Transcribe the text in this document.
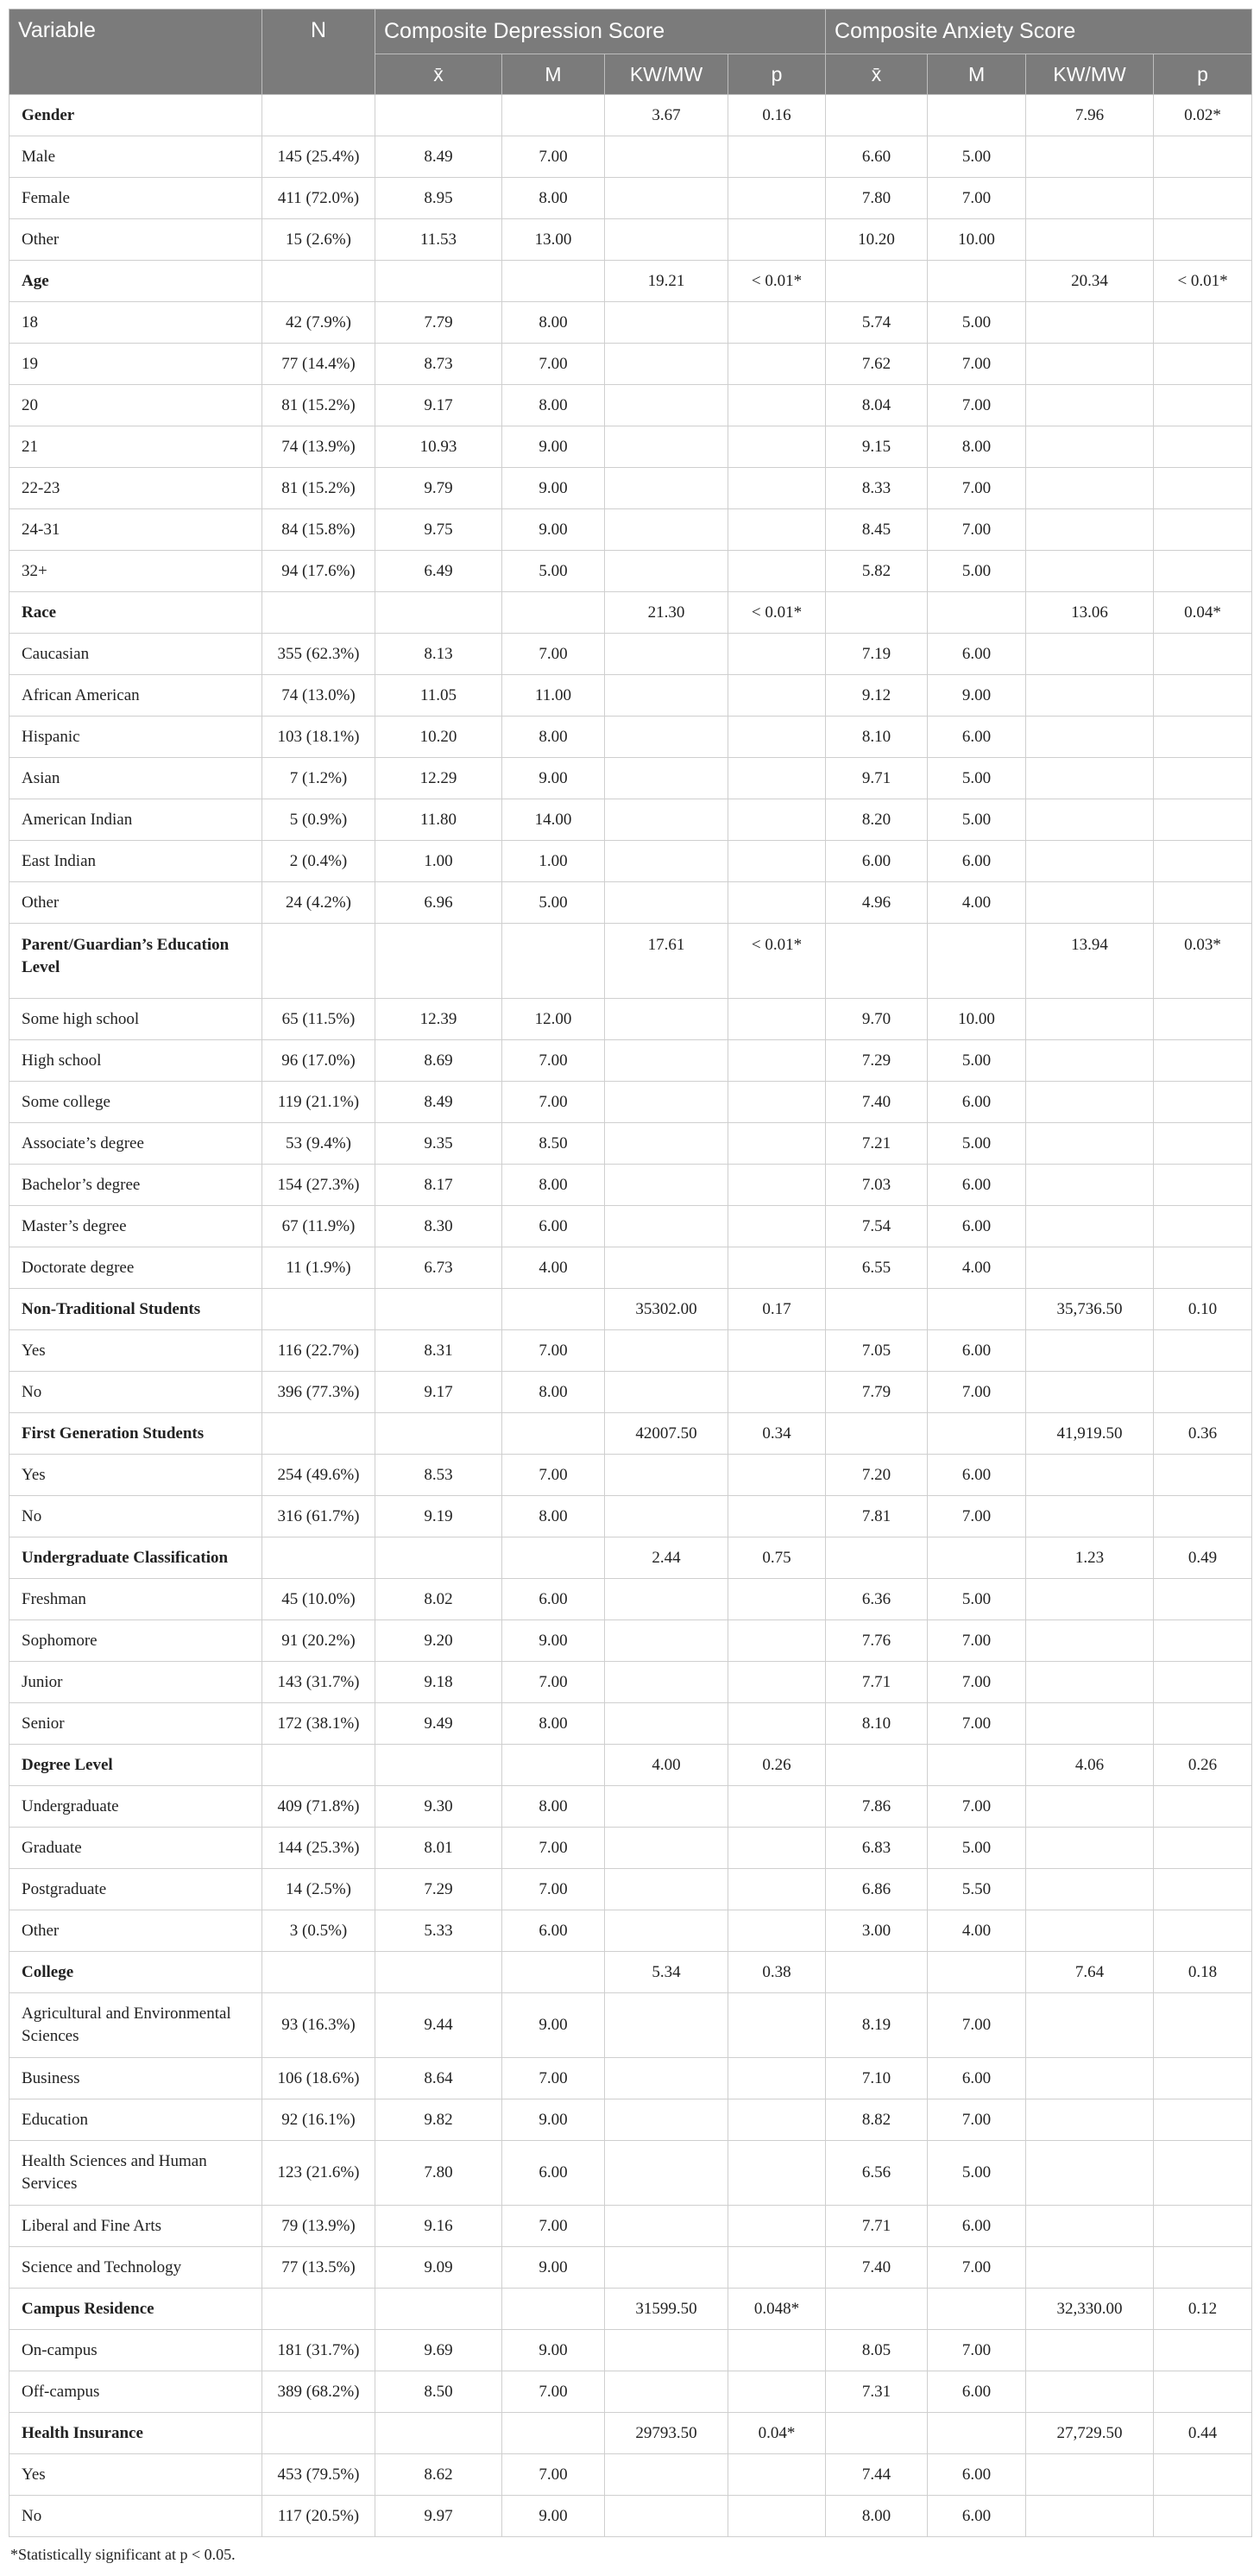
Variable	N	Composite Depression Score				Composite Anxiety Score			
		x̄	M	KW/MW	p	x̄	M	KW/MW	p
Gender				3.67	0.16			7.96	0.02*
Male	145 (25.4%)	8.49	7.00			6.60	5.00		
Female	411 (72.0%)	8.95	8.00			7.80	7.00		
Other	15 (2.6%)	11.53	13.00			10.20	10.00		
Age				19.21	< 0.01*			20.34	< 0.01*
18	42 (7.9%)	7.79	8.00			5.74	5.00		
19	77 (14.4%)	8.73	7.00			7.62	7.00		
20	81 (15.2%)	9.17	8.00			8.04	7.00		
21	74 (13.9%)	10.93	9.00			9.15	8.00		
22-23	81 (15.2%)	9.79	9.00			8.33	7.00		
24-31	84 (15.8%)	9.75	9.00			8.45	7.00		
32+	94 (17.6%)	6.49	5.00			5.82	5.00		
Race				21.30	< 0.01*			13.06	0.04*
Caucasian	355 (62.3%)	8.13	7.00			7.19	6.00		
African American	74 (13.0%)	11.05	11.00			9.12	9.00		
Hispanic	103 (18.1%)	10.20	8.00			8.10	6.00		
Asian	7 (1.2%)	12.29	9.00			9.71	5.00		
American Indian	5 (0.9%)	11.80	14.00			8.20	5.00		
East Indian	2 (0.4%)	1.00	1.00			6.00	6.00		
Other	24 (4.2%)	6.96	5.00			4.96	4.00		
Parent/Guardian’s Education Level				17.61	< 0.01*			13.94	0.03*
Some high school	65 (11.5%)	12.39	12.00			9.70	10.00		
High school	96 (17.0%)	8.69	7.00			7.29	5.00		
Some college	119 (21.1%)	8.49	7.00			7.40	6.00		
Associate’s degree	53 (9.4%)	9.35	8.50			7.21	5.00		
Bachelor’s degree	154 (27.3%)	8.17	8.00			7.03	6.00		
Master’s degree	67 (11.9%)	8.30	6.00			7.54	6.00		
Doctorate degree	11 (1.9%)	6.73	4.00			6.55	4.00		
Non-Traditional Students				35302.00	0.17			35,736.50	0.10
Yes	116 (22.7%)	8.31	7.00			7.05	6.00		
No	396 (77.3%)	9.17	8.00			7.79	7.00		
First Generation Students				42007.50	0.34			41,919.50	0.36
Yes	254 (49.6%)	8.53	7.00			7.20	6.00		
No	316 (61.7%)	9.19	8.00			7.81	7.00		
Undergraduate Classification				2.44	0.75			1.23	0.49
Freshman	45 (10.0%)	8.02	6.00			6.36	5.00		
Sophomore	91 (20.2%)	9.20	9.00			7.76	7.00		
Junior	143 (31.7%)	9.18	7.00			7.71	7.00		
Senior	172 (38.1%)	9.49	8.00			8.10	7.00		
Degree Level				4.00	0.26			4.06	0.26
Undergraduate	409 (71.8%)	9.30	8.00			7.86	7.00		
Graduate	144 (25.3%)	8.01	7.00			6.83	5.00		
Postgraduate	14 (2.5%)	7.29	7.00			6.86	5.50		
Other	3 (0.5%)	5.33	6.00			3.00	4.00		
College				5.34	0.38			7.64	0.18
Agricultural and Environmental Sciences	93 (16.3%)	9.44	9.00			8.19	7.00		
Business	106 (18.6%)	8.64	7.00			7.10	6.00		
Education	92 (16.1%)	9.82	9.00			8.82	7.00		
Health Sciences and Human Services	123 (21.6%)	7.80	6.00			6.56	5.00		
Liberal and Fine Arts	79 (13.9%)	9.16	7.00			7.71	6.00		
Science and Technology	77 (13.5%)	9.09	9.00			7.40	7.00		
Campus Residence				31599.50	0.048*			32,330.00	0.12
On-campus	181 (31.7%)	9.69	9.00			8.05	7.00		
Off-campus	389 (68.2%)	8.50	7.00			7.31	6.00		
Health Insurance				29793.50	0.04*			27,729.50	0.44
Yes	453 (79.5%)	8.62	7.00			7.44	6.00		
No	117 (20.5%)	9.97	9.00			8.00	6.00		
*Statistically significant at p < 0.05.
